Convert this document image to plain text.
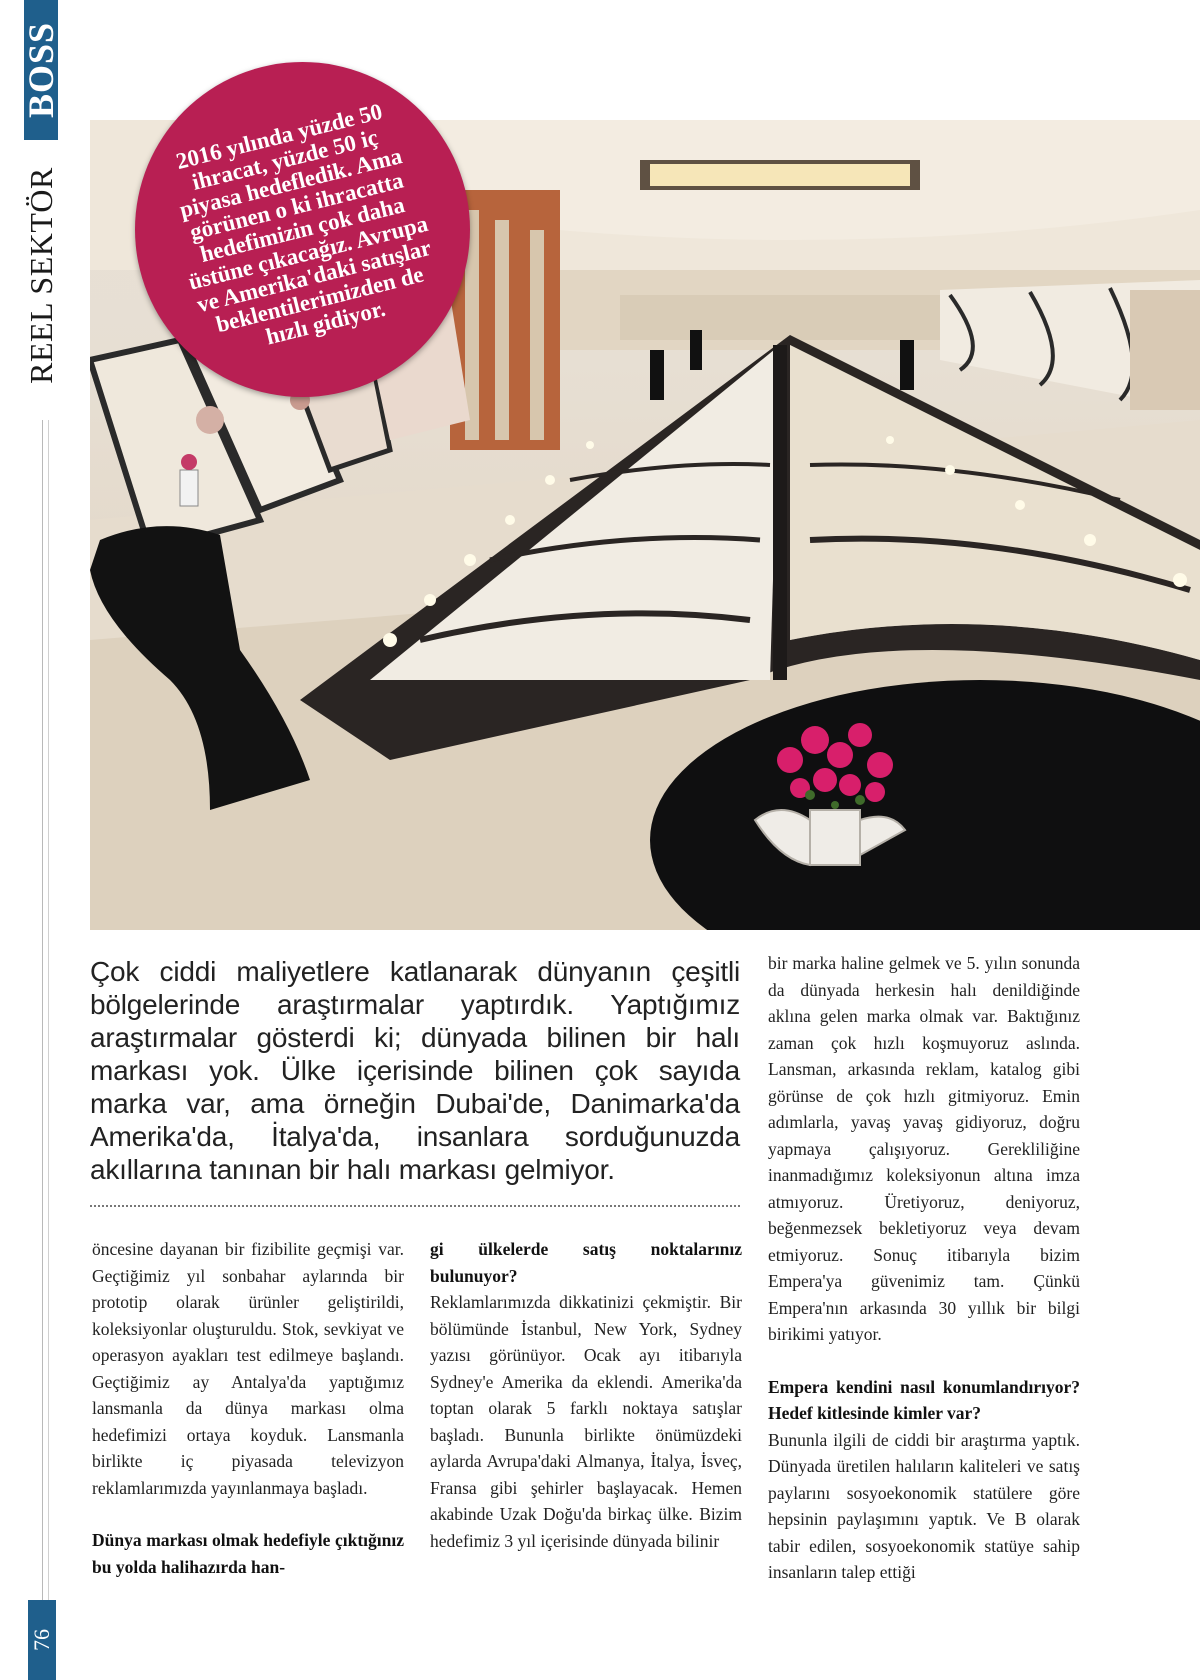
BOSS
REEL SEKTÖR
76
2016 yılında yüzde 50 ihracat, yüzde 50 iç piyasa hedefledik. Ama görünen o ki ihracatta hedefimizin çok daha üstüne çıkacağız. Avrupa ve Amerika'daki satışlar beklentilerimizden de hızlı gidiyor.
Çok ciddi maliyetlere katlanarak dünyanın çeşitli bölgelerinde araştırmalar yaptırdık. Yaptığımız araştırmalar gösterdi ki; dünyada bilinen bir halı markası yok. Ülke içerisinde bilinen çok sayıda marka var, ama örneğin Dubai'de, Danimarka'da Amerika'da, İtalya'da, insanlara sorduğunuzda akıllarına tanınan bir halı markası gelmiyor.

öncesine dayanan bir fizibilite geçmişi var. Geçtiğimiz yıl sonbahar aylarında bir prototip olarak ürünler geliştirildi, koleksiyonlar oluşturuldu. Stok, sevkiyat ve operasyon ayakları test edilmeye başlandı. Geçtiğimiz ay Antalya'da yaptığımız lansmanla da dünya markası olma hedefimizi ortaya koyduk. Lansmanla birlikte iç piyasada televizyon reklamlarımızda yayınlanmaya başladı.

Dünya markası olmak hedefiyle çıktığınız bu yolda halihazırda han-

gi ülkelerde satış noktalarınız bulunuyor?

Reklamlarımızda dikkatinizi çekmiştir. Bir bölümünde İstanbul, New York, Sydney yazısı görünüyor. Ocak ayı itibarıyla Sydney'e Amerika da eklendi. Amerika'da toptan olarak 5 farklı noktaya satışlar başladı. Bununla birlikte önümüzdeki aylarda Avrupa'daki Almanya, İtalya, İsveç, Fransa gibi şehirler başlayacak. Hemen akabinde Uzak Doğu'da birkaç ülke. Bizim hedefimiz 3 yıl içerisinde dünyada bilinir

bir marka haline gelmek ve 5. yılın sonunda da dünyada herkesin halı denildiğinde aklına gelen marka olmak var. Baktığınız zaman çok hızlı koşmuyoruz aslında. Lansman, arkasında reklam, katalog gibi görünse de çok hızlı gitmiyoruz. Emin adımlarla, yavaş yavaş gidiyoruz, doğru yapmaya çalışıyoruz. Gerekliliğine inanmadığımız koleksiyonun altına imza atmıyoruz. Üretiyoruz, deniyoruz, beğenmezsek bekletiyoruz veya devam etmiyoruz. Sonuç itibarıyla bizim Empera'ya güvenimiz tam. Çünkü Empera'nın arkasında 30 yıllık bir bilgi birikimi yatıyor.

Empera kendini nasıl konumlandırıyor? Hedef kitlesinde kimler var?

Bununla ilgili de ciddi bir araştırma yaptık. Dünyada üretilen halıların kaliteleri ve satış paylarını sosyoekonomik statülere göre hepsinin paylaşımını yaptık. Ve B olarak tabir edilen, sosyoekonomik statüye sahip insanların talep ettiği
